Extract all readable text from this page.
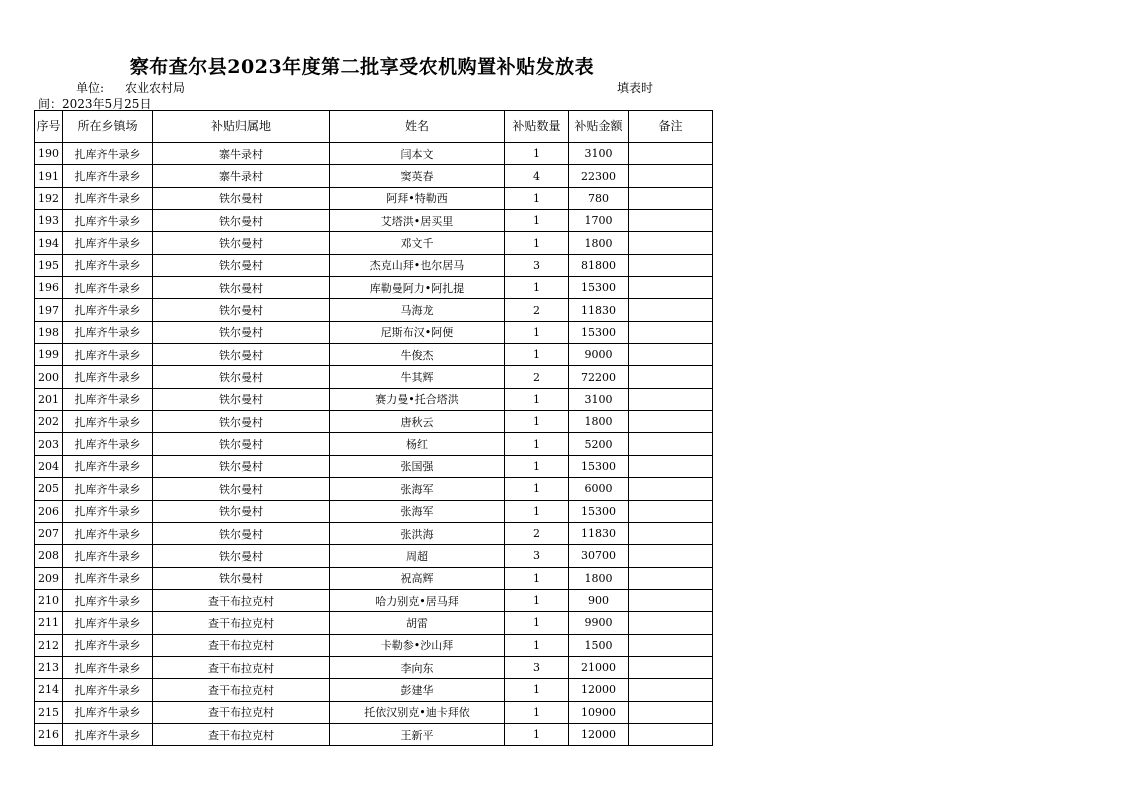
察布查尔县2023年度第二批享受农机购置补贴发放表
单位: 农业农村局	填表时
间：2023年5月25日
序号	所在乡镇场	补贴归属地	姓名	补贴数量	补贴金额	备注
190	扎库齐牛录乡	寨牛录村	闫本文	1	3100	
191	扎库齐牛录乡	寨牛录村	窦英春	4	22300	
192	扎库齐牛录乡	铁尔曼村	阿拜•特勒西	1	780	
193	扎库齐牛录乡	铁尔曼村	艾塔洪•居买里	1	1700	
194	扎库齐牛录乡	铁尔曼村	邓文千	1	1800	
195	扎库齐牛录乡	铁尔曼村	杰克山拜•也尔居马	3	81800	
196	扎库齐牛录乡	铁尔曼村	库勒曼阿力•阿扎提	1	15300	
197	扎库齐牛录乡	铁尔曼村	马海龙	2	11830	
198	扎库齐牛录乡	铁尔曼村	尼斯布汉•阿便	1	15300	
199	扎库齐牛录乡	铁尔曼村	牛俊杰	1	9000	
200	扎库齐牛录乡	铁尔曼村	牛其辉	2	72200	
201	扎库齐牛录乡	铁尔曼村	赛力曼•托合塔洪	1	3100	
202	扎库齐牛录乡	铁尔曼村	唐秋云	1	1800	
203	扎库齐牛录乡	铁尔曼村	杨红	1	5200	
204	扎库齐牛录乡	铁尔曼村	张国强	1	15300	
205	扎库齐牛录乡	铁尔曼村	张海军	1	6000	
206	扎库齐牛录乡	铁尔曼村	张海军	1	15300	
207	扎库齐牛录乡	铁尔曼村	张洪海	2	11830	
208	扎库齐牛录乡	铁尔曼村	周超	3	30700	
209	扎库齐牛录乡	铁尔曼村	祝高辉	1	1800	
210	扎库齐牛录乡	查干布拉克村	哈力别克•居马拜	1	900	
211	扎库齐牛录乡	查干布拉克村	胡雷	1	9900	
212	扎库齐牛录乡	查干布拉克村	卡勒参•沙山拜	1	1500	
213	扎库齐牛录乡	查干布拉克村	李向东	3	21000	
214	扎库齐牛录乡	查干布拉克村	彭建华	1	12000	
215	扎库齐牛录乡	查干布拉克村	托依汉别克•迪卡拜依	1	10900	
216	扎库齐牛录乡	查干布拉克村	王新平	1	12000	
